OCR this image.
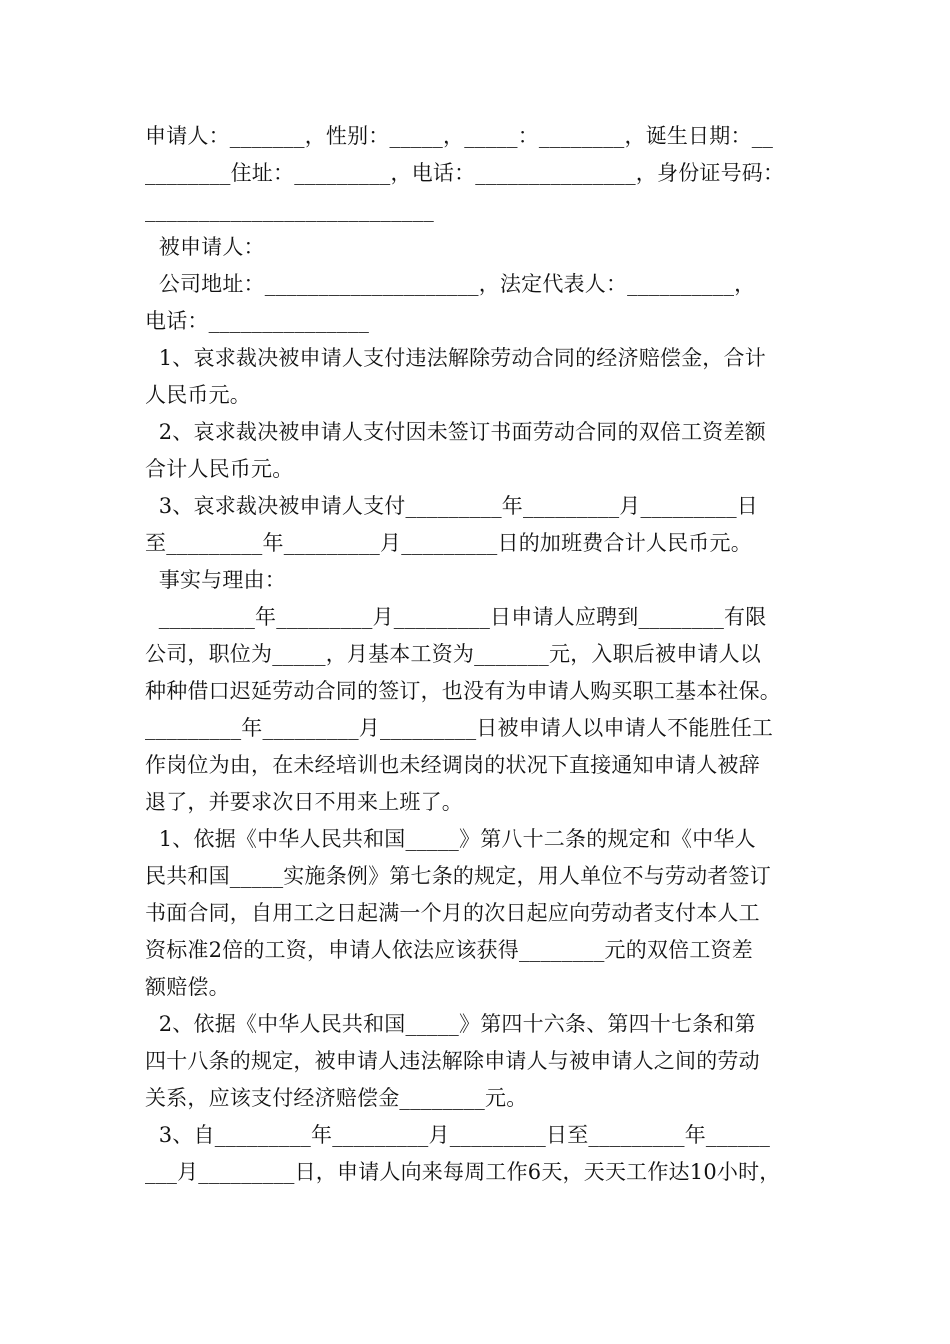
申请人：_______，性别：_____，_____：________，诞生日期：__
________住址：_________，电话：_______________，身份证号码：
___________________________
被申请人：
公司地址：____________________，法定代表人：__________，
电话：_______________
1、哀求裁决被申请人支付违法解除劳动合同的经济赔偿金，合计
人民币元。
2、哀求裁决被申请人支付因未签订书面劳动合同的双倍工资差额
合计人民币元。
3、哀求裁决被申请人支付_________年_________月_________日
至_________年_________月_________日的加班费合计人民币元。
事实与理由：
_________年_________月_________日申请人应聘到________有限
公司，职位为_____，月基本工资为_______元，入职后被申请人以
种种借口迟延劳动合同的签订，也没有为申请人购买职工基本社保。
_________年_________月_________日被申请人以申请人不能胜任工
作岗位为由，在未经培训也未经调岗的状况下直接通知申请人被辞
退了，并要求次日不用来上班了。
1、依据《中华人民共和国_____》第八十二条的规定和《中华人
民共和国_____实施条例》第七条的规定，用人单位不与劳动者签订
书面合同，自用工之日起满一个月的次日起应向劳动者支付本人工
资标准2倍的工资，申请人依法应该获得________元的双倍工资差
额赔偿。
2、依据《中华人民共和国_____》第四十六条、第四十七条和第
四十八条的规定，被申请人违法解除申请人与被申请人之间的劳动
关系，应该支付经济赔偿金________元。
3、自_________年_________月_________日至_________年______
___月_________日，申请人向来每周工作6天，天天工作达10小时，
